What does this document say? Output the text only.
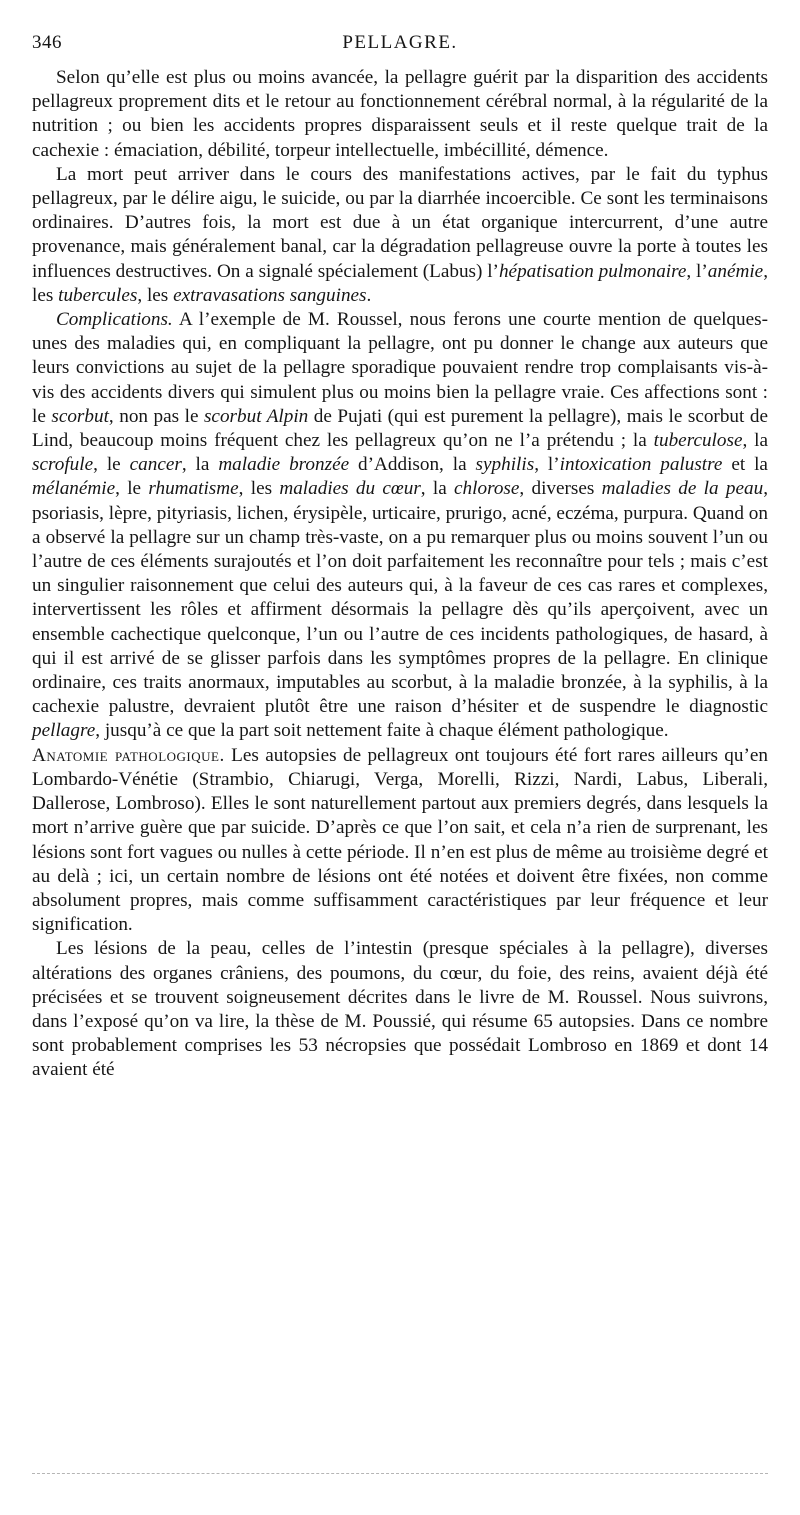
346	PELLAGRE.

Selon qu’elle est plus ou moins avancée, la pellagre guérit par la disparition des accidents pellagreux proprement dits et le retour au fonctionnement cérébral normal, à la régularité de la nutrition ; ou bien les accidents propres disparaissent seuls et il reste quelque trait de la cachexie : émaciation, débilité, torpeur intellectuelle, imbécillité, démence.

La mort peut arriver dans le cours des manifestations actives, par le fait du typhus pellagreux, par le délire aigu, le suicide, ou par la diarrhée incoercible. Ce sont les terminaisons ordinaires. D’autres fois, la mort est due à un état organique intercurrent, d’une autre provenance, mais généralement banal, car la dégradation pellagreuse ouvre la porte à toutes les influences destructives. On a signalé spécialement (Labus) l’hépatisation pulmonaire, l’anémie, les tubercules, les extravasations sanguines.

Complications. A l’exemple de M. Roussel, nous ferons une courte mention de quelques-unes des maladies qui, en compliquant la pellagre, ont pu donner le change aux auteurs que leurs convictions au sujet de la pellagre sporadique pouvaient rendre trop complaisants vis-à-vis des accidents divers qui simulent plus ou moins bien la pellagre vraie. Ces affections sont : le scorbut, non pas le scorbut Alpin de Pujati (qui est purement la pellagre), mais le scorbut de Lind, beaucoup moins fréquent chez les pellagreux qu’on ne l’a prétendu ; la tuberculose, la scrofule, le cancer, la maladie bronzée d’Addison, la syphilis, l’intoxication palustre et la mélanémie, le rhumatisme, les maladies du cœur, la chlorose, diverses maladies de la peau, psoriasis, lèpre, pityriasis, lichen, érysipèle, urticaire, prurigo, acné, eczéma, purpura. Quand on a observé la pellagre sur un champ très-vaste, on a pu remarquer plus ou moins souvent l’un ou l’autre de ces éléments surajoutés et l’on doit parfaitement les reconnaître pour tels ; mais c’est un singulier raisonnement que celui des auteurs qui, à la faveur de ces cas rares et complexes, intervertissent les rôles et affirment désormais la pellagre dès qu’ils aperçoivent, avec un ensemble cachectique quelconque, l’un ou l’autre de ces incidents pathologiques, de hasard, à qui il est arrivé de se glisser parfois dans les symptômes propres de la pellagre. En clinique ordinaire, ces traits anormaux, imputables au scorbut, à la maladie bronzée, à la syphilis, à la cachexie palustre, devraient plutôt être une raison d’hésiter et de suspendre le diagnostic pellagre, jusqu’à ce que la part soit nettement faite à chaque élément pathologique.

Anatomie pathologique. Les autopsies de pellagreux ont toujours été fort rares ailleurs qu’en Lombardo-Vénétie (Strambio, Chiarugi, Verga, Morelli, Rizzi, Nardi, Labus, Liberali, Dallerose, Lombroso). Elles le sont naturellement partout aux premiers degrés, dans lesquels la mort n’arrive guère que par suicide. D’après ce que l’on sait, et cela n’a rien de surprenant, les lésions sont fort vagues ou nulles à cette période. Il n’en est plus de même au troisième degré et au delà ; ici, un certain nombre de lésions ont été notées et doivent être fixées, non comme absolument propres, mais comme suffisamment caractéristiques par leur fréquence et leur signification.

Les lésions de la peau, celles de l’intestin (presque spéciales à la pellagre), diverses altérations des organes crâniens, des poumons, du cœur, du foie, des reins, avaient déjà été précisées et se trouvent soigneusement décrites dans le livre de M. Roussel. Nous suivrons, dans l’exposé qu’on va lire, la thèse de M. Poussié, qui résume 65 autopsies. Dans ce nombre sont probablement comprises les 53 nécropsies que possédait Lombroso en 1869 et dont 14 avaient été
